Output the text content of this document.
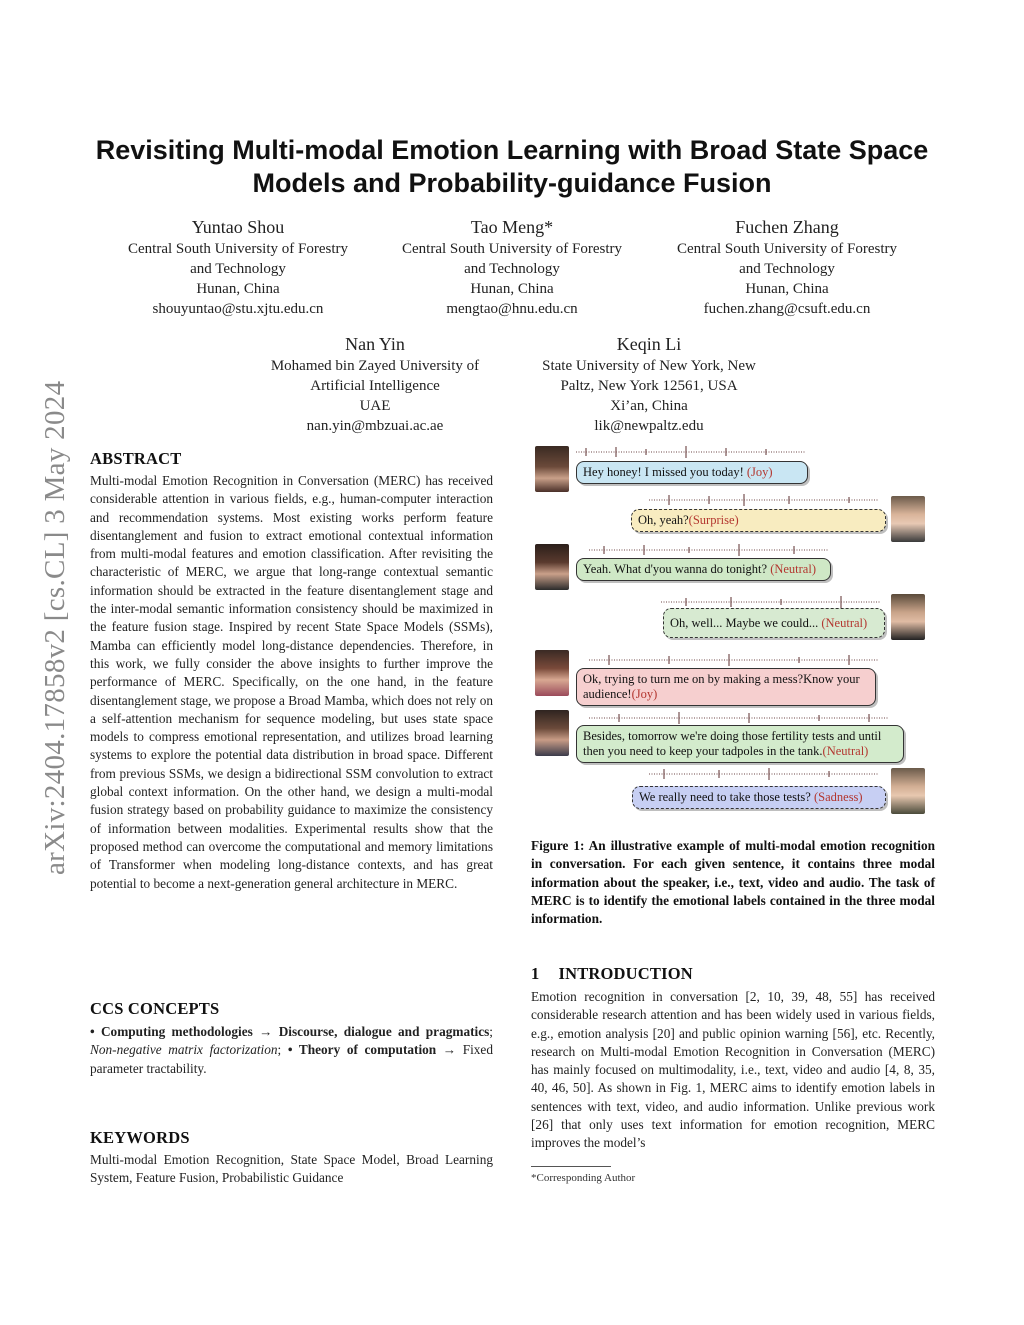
arXiv:2404.17858v2 [cs.CL] 3 May 2024
Revisiting Multi-modal Emotion Learning with Broad State Space
Models and Probability-guidance Fusion
Yuntao Shou
Central South University of Forestry
and Technology
Hunan, China
shouyuntao@stu.xjtu.edu.cn
Tao Meng*
Central South University of Forestry
and Technology
Hunan, China
mengtao@hnu.edu.cn
Fuchen Zhang
Central South University of Forestry
and Technology
Hunan, China
fuchen.zhang@csuft.edu.cn
Nan Yin
Mohamed bin Zayed University of
Artificial Intelligence
UAE
nan.yin@mbzuai.ac.ae
Keqin Li
State University of New York, New
Paltz, New York 12561, USA
Xi’an, China
lik@newpaltz.edu
ABSTRACT
Multi-modal Emotion Recognition in Conversation (MERC) has received considerable attention in various fields, e.g., human-computer interaction and recommendation systems. Most existing works perform feature disentanglement and fusion to extract emotional contextual information from multi-modal features and emotion classification. After revisiting the characteristic of MERC, we argue that long-range contextual semantic information should be extracted in the feature disentanglement stage and the inter-modal semantic information consistency should be maximized in the feature fusion stage. Inspired by recent State Space Models (SSMs), Mamba can efficiently model long-distance dependencies. Therefore, in this work, we fully consider the above insights to further improve the performance of MERC. Specifically, on the one hand, in the feature disentanglement stage, we propose a Broad Mamba, which does not rely on a self-attention mechanism for sequence modeling, but uses state space models to compress emotional representation, and utilizes broad learning systems to explore the potential data distribution in broad space. Different from previous SSMs, we design a bidirectional SSM convolution to extract global context information. On the other hand, we design a multi-modal fusion strategy based on probability guidance to maximize the consistency of information between modalities. Experimental results show that the proposed method can overcome the computational and memory limitations of Transformer when modeling long-distance contexts, and has great potential to become a next-generation general architecture in MERC.
CCS CONCEPTS
• Computing methodologies → Discourse, dialogue and pragmatics; Non-negative matrix factorization; • Theory of computation → Fixed parameter tractability.
KEYWORDS
Multi-modal Emotion Recognition, State Space Model, Broad Learning System, Feature Fusion, Probabilistic Guidance
Hey honey! I missed you today! (Joy)
Oh, yeah?(Surprise)
Yeah. What d'you wanna do tonight? (Neutral)
Oh, well... Maybe we could... (Neutral)
Ok, trying to turn me on by making a mess?Know your audience!(Joy)
Besides, tomorrow we're doing those fertility tests and until then you need to keep your tadpoles in the tank.(Neutral)
We really need to take those tests? (Sadness)
Figure 1: An illustrative example of multi-modal emotion recognition in conversation. For each given sentence, it contains three modal information about the speaker, i.e., text, video and audio. The task of MERC is to identify the emotional labels contained in the three modal information.
1 INTRODUCTION
Emotion recognition in conversation [2, 10, 39, 48, 55] has received considerable research attention and has been widely used in various fields, e.g., emotion analysis [20] and public opinion warning [56], etc. Recently, research on Multi-modal Emotion Recognition in Conversation (MERC) has mainly focused on multimodality, i.e., text, video and audio [4, 8, 35, 40, 46, 50]. As shown in Fig. 1, MERC aims to identify emotion labels in sentences with text, video, and audio information. Unlike previous work [26] that only uses text information for emotion recognition, MERC improves the model’s
*Corresponding Author
